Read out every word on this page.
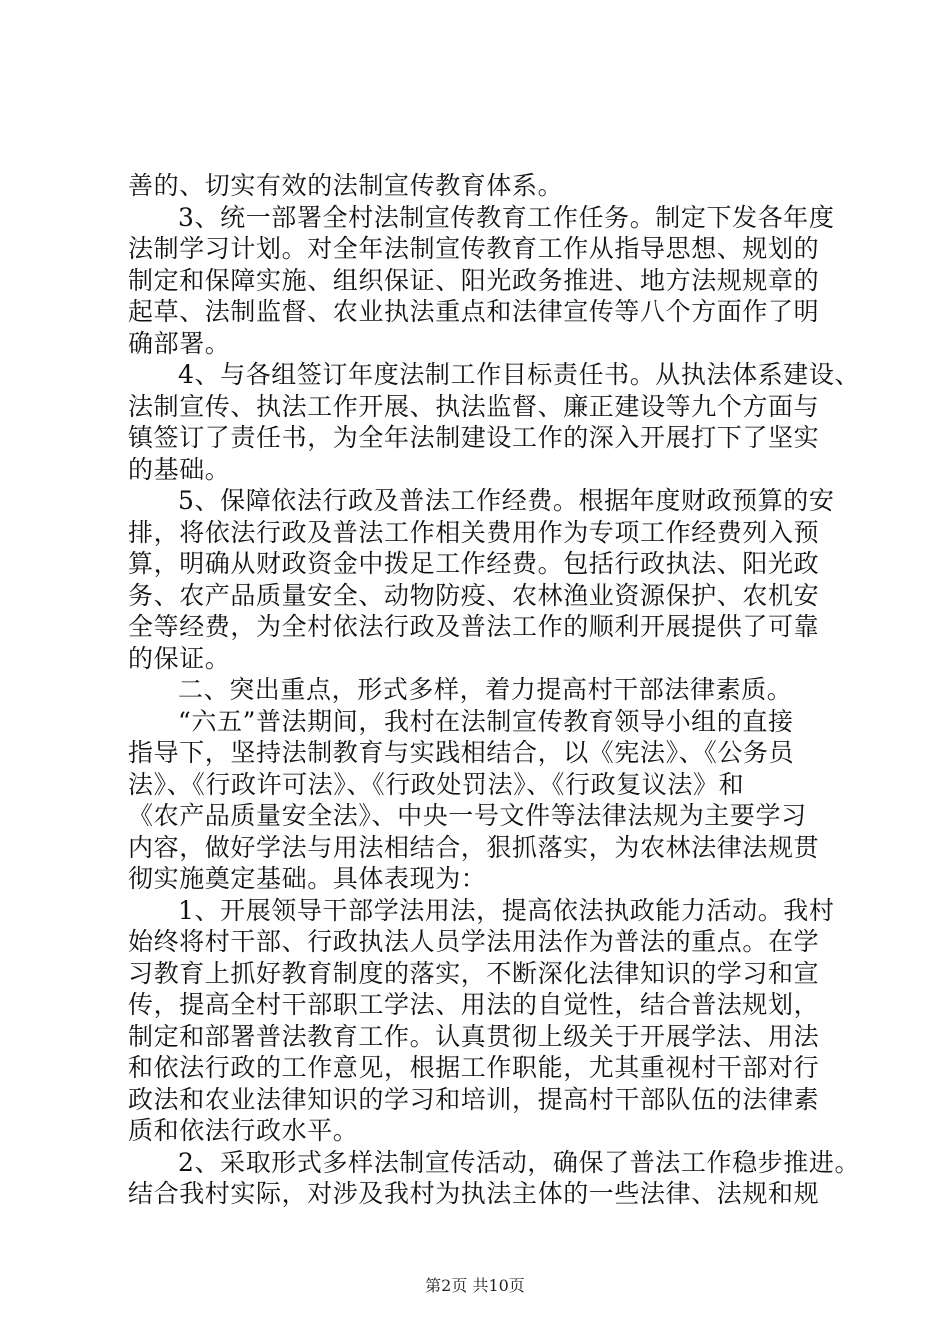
善的、切实有效的法制宣传教育体系。
3、统一部署全村法制宣传教育工作任务。制定下发各年度
法制学习计划。对全年法制宣传教育工作从指导思想、规划的
制定和保障实施、组织保证、阳光政务推进、地方法规规章的
起草、法制监督、农业执法重点和法律宣传等八个方面作了明
确部署。
4、与各组签订年度法制工作目标责任书。从执法体系建设、
法制宣传、执法工作开展、执法监督、廉正建设等九个方面与
镇签订了责任书，为全年法制建设工作的深入开展打下了坚实
的基础。
5、保障依法行政及普法工作经费。根据年度财政预算的安
排，将依法行政及普法工作相关费用作为专项工作经费列入预
算，明确从财政资金中拨足工作经费。包括行政执法、阳光政
务、农产品质量安全、动物防疫、农林渔业资源保护、农机安
全等经费，为全村依法行政及普法工作的顺利开展提供了可靠
的保证。
二、突出重点，形式多样，着力提高村干部法律素质。
“六五”普法期间，我村在法制宣传教育领导小组的直接
指导下，坚持法制教育与实践相结合，以《宪法》、《公务员
法》、《行政许可法》、《行政处罚法》、《行政复议法》和
《农产品质量安全法》、中央一号文件等法律法规为主要学习
内容，做好学法与用法相结合，狠抓落实，为农林法律法规贯
彻实施奠定基础。具体表现为：
1、开展领导干部学法用法，提高依法执政能力活动。我村
始终将村干部、行政执法人员学法用法作为普法的重点。在学
习教育上抓好教育制度的落实，不断深化法律知识的学习和宣
传，提高全村干部职工学法、用法的自觉性，结合普法规划，
制定和部署普法教育工作。认真贯彻上级关于开展学法、用法
和依法行政的工作意见，根据工作职能，尤其重视村干部对行
政法和农业法律知识的学习和培训，提高村干部队伍的法律素
质和依法行政水平。
2、采取形式多样法制宣传活动，确保了普法工作稳步推进。
结合我村实际，对涉及我村为执法主体的一些法律、法规和规
第2页 共10页
